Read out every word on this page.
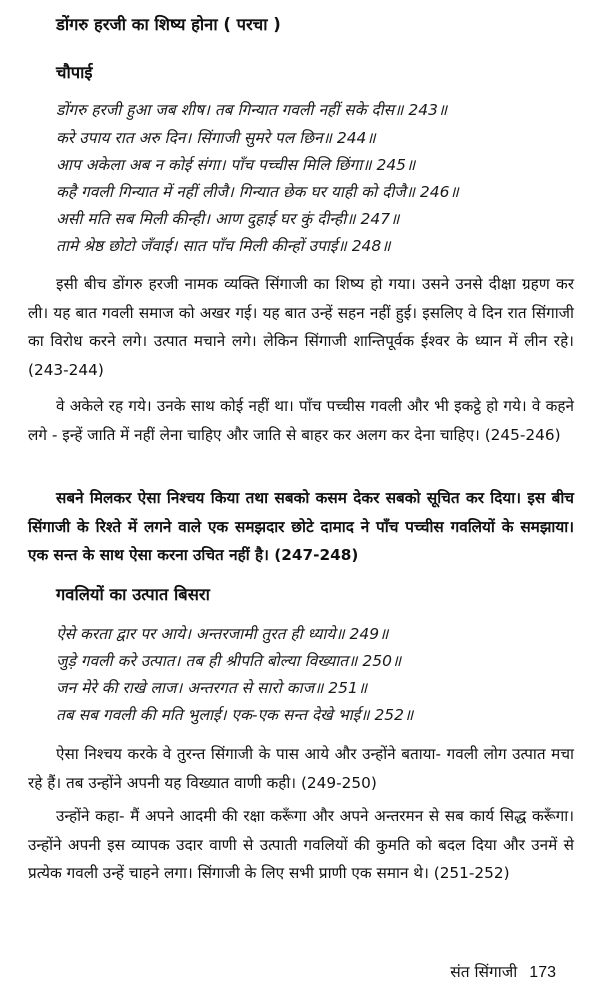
डोंगरु हरजी का शिष्य होना ( परचा )
चौपाई

डोंगरु हरजी हुआ जब शीष। तब गिन्यात गवली नहीं सके दीस॥ 243॥

करे उपाय रात अरु दिन। सिंगाजी सुमरे पल छिन॥ 244॥

आप अकेला अब न कोई संगा। पाँच पच्चीस मिलि छिंगा॥ 245॥

कहै गवली गिन्यात में नहीं लीजै। गिन्यात छेक घर याही को दीजै॥ 246॥

असी मति सब मिली कीन्ही। आण दुहाई घर कुं दीन्ही॥ 247॥

तामे श्रेष्ठ छोटो जँवाई। सात पाँच मिली कीन्हों उपाई॥ 248॥

इसी बीच डोंगरु हरजी नामक व्यक्ति सिंगाजी का शिष्य हो गया। उसने उनसे दीक्षा ग्रहण कर ली। यह बात गवली समाज को अखर गई। यह बात उन्हें सहन नहीं हुई। इसलिए वे दिन रात सिंगाजी का विरोध करने लगे। उत्पात मचाने लगे। लेकिन सिंगाजी शान्तिपूर्वक ईश्वर के ध्यान में लीन रहे। (243-244)

वे अकेले रह गये। उनके साथ कोई नहीं था। पाँच पच्चीस गवली और भी इकट्ठे हो गये। वे कहने लगे - इन्हें जाति में नहीं लेना चाहिए और जाति से बाहर कर अलग कर देना चाहिए। (245-246)

सबने मिलकर ऐसा निश्चय किया तथा सबको कसम देकर सबको सूचित कर दिया। इस बीच सिंगाजी के रिश्ते में लगने वाले एक समझदार छोटे दामाद ने पाँच पच्चीस गवलियों के समझाया। एक सन्त के साथ ऐसा करना उचित नहीं है। (247-248)

गवलियों का उत्पात बिसरा

ऐसे करता द्वार पर आये। अन्तरजामी तुरत ही ध्याये॥ 249॥

जुड़े गवली करे उत्पात। तब ही श्रीपति बोल्या विख्यात॥ 250॥

जन मेरे की राखे लाज। अन्तरगत से सारो काज॥ 251॥

तब सब गवली की मति भुलाई। एक-एक सन्त देखे भाई॥ 252॥

ऐसा निश्चय करके वे तुरन्त सिंगाजी के पास आये और उन्होंने बताया- गवली लोग उत्पात मचा रहे हैं। तब उन्होंने अपनी यह विख्यात वाणी कही। (249-250)

उन्होंने कहा- मैं अपने आदमी की रक्षा करूँगा और अपने अन्तरमन से सब कार्य सिद्ध करूँगा। उन्होंने अपनी इस व्यापक उदार वाणी से उत्पाती गवलियों की कुमति को बदल दिया और उनमें से प्रत्येक गवली उन्हें चाहने लगा। सिंगाजी के लिए सभी प्राणी एक समान थे। (251-252)

संत सिंगाजी 173
